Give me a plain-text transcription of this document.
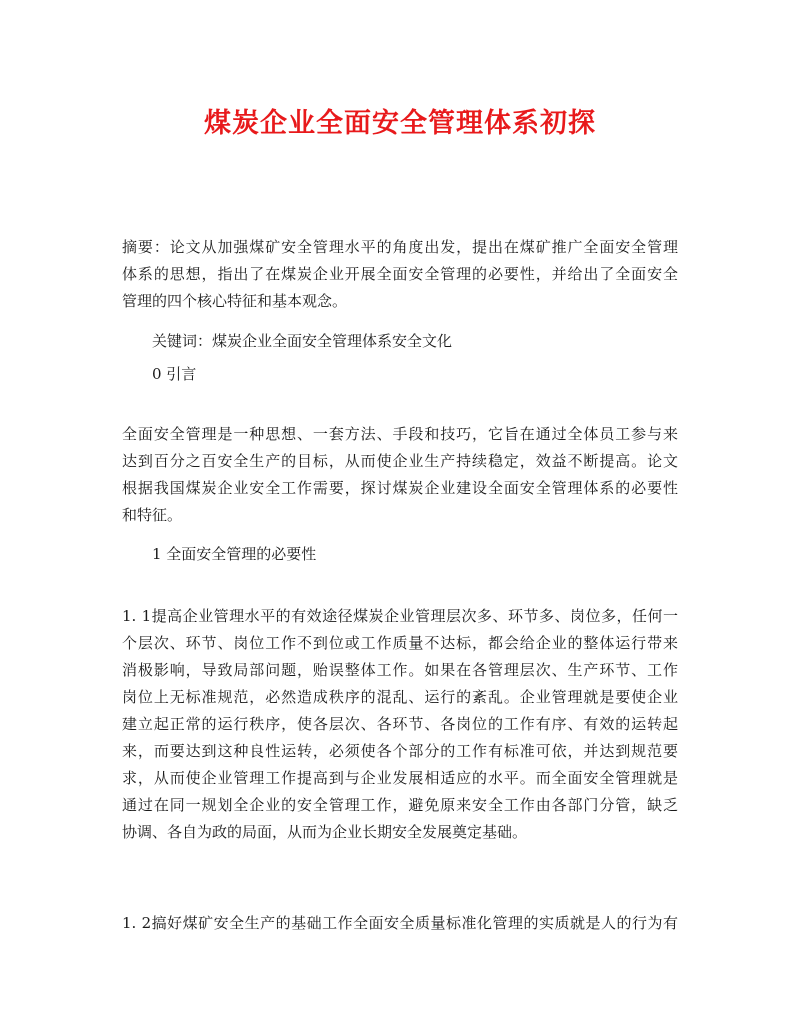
煤炭企业全面安全管理体系初探
摘要：论文从加强煤矿安全管理水平的角度出发，提出在煤矿推广全面安全管理
体系的思想，指出了在煤炭企业开展全面安全管理的必要性，并给出了全面安全
管理的四个核心特征和基本观念。
关键词：煤炭企业全面安全管理体系安全文化
0 引言
全面安全管理是一种思想、一套方法、手段和技巧，它旨在通过全体员工参与来
达到百分之百安全生产的目标，从而使企业生产持续稳定，效益不断提高。论文
根据我国煤炭企业安全工作需要，探讨煤炭企业建设全面安全管理体系的必要性
和特征。
1 全面安全管理的必要性
1. 1提高企业管理水平的有效途径煤炭企业管理层次多、环节多、岗位多，任何一
个层次、环节、岗位工作不到位或工作质量不达标，都会给企业的整体运行带来
消极影响，导致局部问题，贻误整体工作。如果在各管理层次、生产环节、工作
岗位上无标准规范，必然造成秩序的混乱、运行的紊乱。企业管理就是要使企业
建立起正常的运行秩序，使各层次、各环节、各岗位的工作有序、有效的运转起
来，而要达到这种良性运转，必须使各个部分的工作有标准可依，并达到规范要
求，从而使企业管理工作提高到与企业发展相适应的水平。而全面安全管理就是
通过在同一规划全企业的安全管理工作，避免原来安全工作由各部门分管，缺乏
协调、各自为政的局面，从而为企业长期安全发展奠定基础。
1. 2搞好煤矿安全生产的基础工作全面安全质量标准化管理的实质就是人的行为有
